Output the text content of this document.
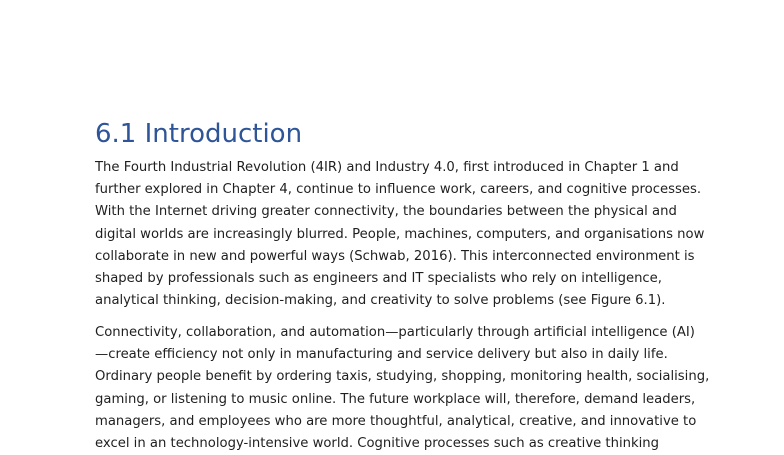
6.1 Introduction

The Fourth Industrial Revolution (4IR) and Industry 4.0, first introduced in Chapter 1 and
further explored in Chapter 4, continue to influence work, careers, and cognitive processes.
With the Internet driving greater connectivity, the boundaries between the physical and
digital worlds are increasingly blurred. People, machines, computers, and organisations now
collaborate in new and powerful ways (Schwab, 2016). This interconnected environment is
shaped by professionals such as engineers and IT specialists who rely on intelligence,
analytical thinking, decision-making, and creativity to solve problems (see Figure 6.1).

Connectivity, collaboration, and automation—particularly through artificial intelligence (AI)
—create efficiency not only in manufacturing and service delivery but also in daily life.
Ordinary people benefit by ordering taxis, studying, shopping, monitoring health, socialising,
gaming, or listening to music online. The future workplace will, therefore, demand leaders,
managers, and employees who are more thoughtful, analytical, creative, and innovative to
excel in an technology-intensive world. Cognitive processes such as creative thinking
